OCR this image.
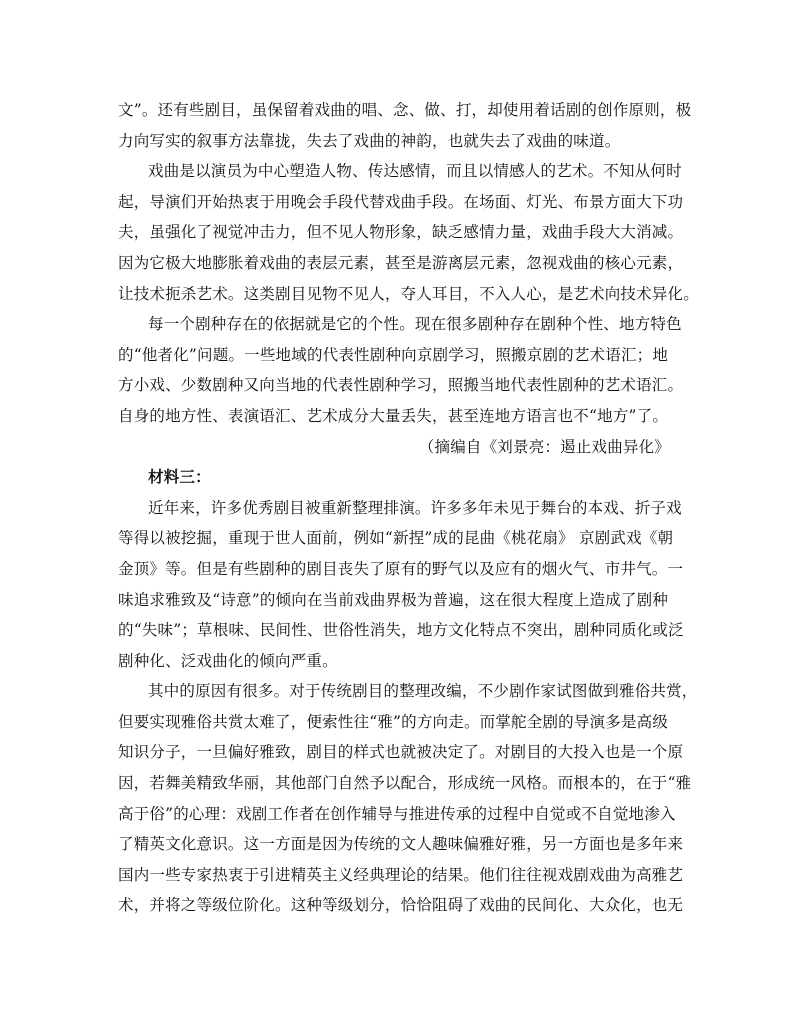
文”。还有些剧目，虽保留着戏曲的唱、念、做、打，却使用着话剧的创作原则，极
力向写实的叙事方法靠拢，失去了戏曲的神韵，也就失去了戏曲的味道。
戏曲是以演员为中心塑造人物、传达感情，而且以情感人的艺术。不知从何时
起，导演们开始热衷于用晚会手段代替戏曲手段。在场面、灯光、布景方面大下功
夫，虽强化了视觉冲击力，但不见人物形象，缺乏感情力量，戏曲手段大大消减。
因为它极大地膨胀着戏曲的表层元素，甚至是游离层元素，忽视戏曲的核心元素，
让技术扼杀艺术。这类剧目见物不见人，夺人耳目，不入人心，是艺术向技术异化。
每一个剧种存在的依据就是它的个性。现在很多剧种存在剧种个性、地方特色
的“他者化”问题。一些地域的代表性剧种向京剧学习，照搬京剧的艺术语汇；地
方小戏、少数剧种又向当地的代表性剧种学习，照搬当地代表性剧种的艺术语汇。
自身的地方性、表演语汇、艺术成分大量丢失，甚至连地方语言也不“地方”了。
（摘编自《刘景亮：遏止戏曲异化》
材料三：
近年来，许多优秀剧目被重新整理排演。许多多年未见于舞台的本戏、折子戏
等得以被挖掘，重现于世人面前，例如“新捏”成的昆曲《桃花扇》 京剧武戏《朝
金顶》等。但是有些剧种的剧目丧失了原有的野气以及应有的烟火气、市井气。一
味追求雅致及“诗意”的倾向在当前戏曲界极为普遍，这在很大程度上造成了剧种
的“失味”；草根味、民间性、世俗性消失，地方文化特点不突出，剧种同质化或泛
剧种化、泛戏曲化的倾向严重。
其中的原因有很多。对于传统剧目的整理改编，不少剧作家试图做到雅俗共赏，
但要实现雅俗共赏太难了，便索性往“雅”的方向走。而掌舵全剧的导演多是高级
知识分子，一旦偏好雅致，剧目的样式也就被决定了。对剧目的大投入也是一个原
因，若舞美精致华丽，其他部门自然予以配合，形成统一风格。而根本的，在于“雅
高于俗”的心理：戏剧工作者在创作辅导与推进传承的过程中自觉或不自觉地渗入
了精英文化意识。这一方面是因为传统的文人趣味偏雅好雅，另一方面也是多年来
国内一些专家热衷于引进精英主义经典理论的结果。他们往往视戏剧戏曲为高雅艺
术，并将之等级位阶化。这种等级划分，恰恰阻碍了戏曲的民间化、大众化，也无
